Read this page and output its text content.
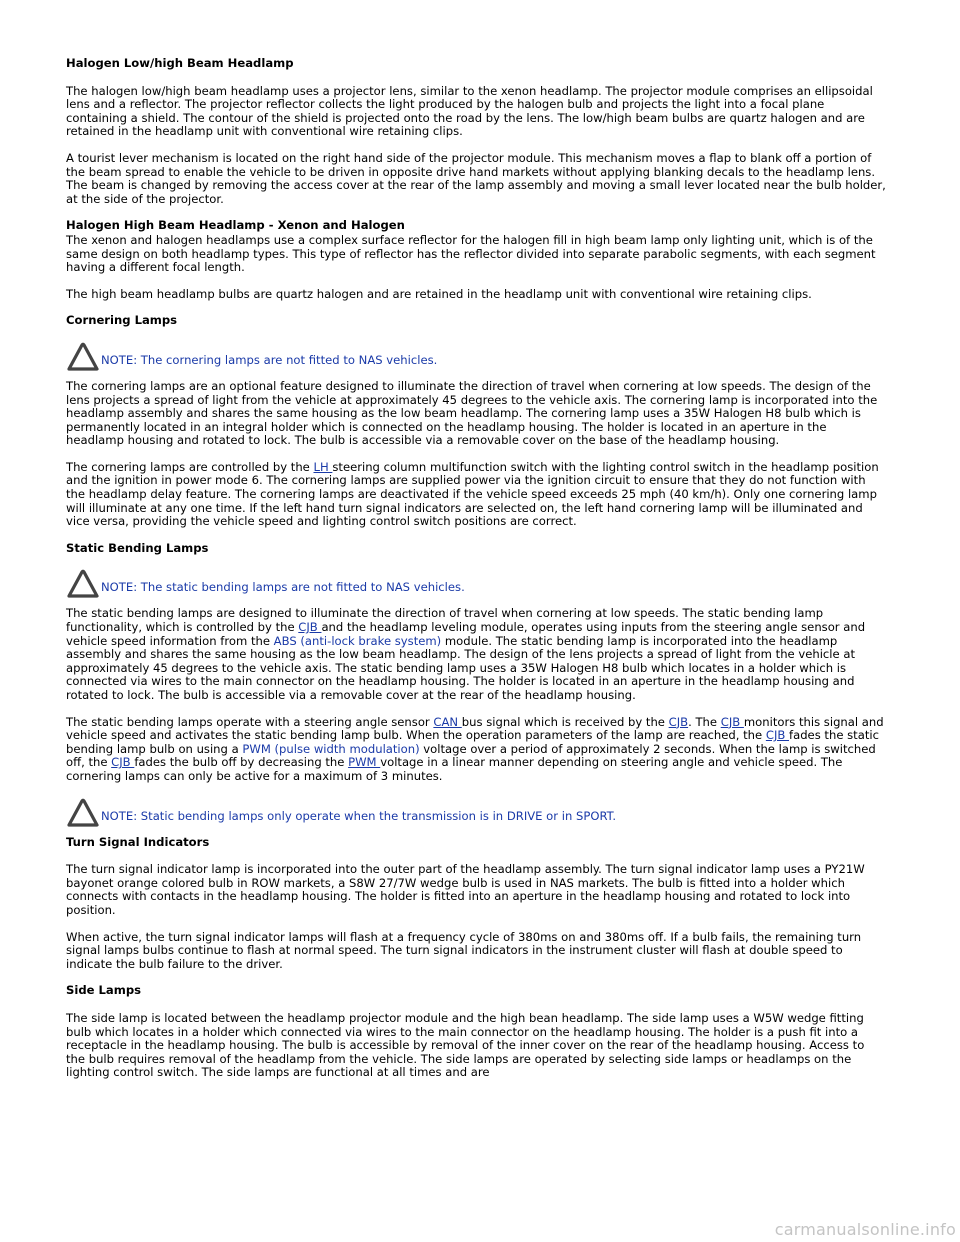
Halogen Low/high Beam Headlamp

The halogen low/high beam headlamp uses a projector lens, similar to the xenon headlamp. The projector module comprises an ellipsoidal lens and a reflector. The projector reflector collects the light produced by the halogen bulb and projects the light into a focal plane containing a shield. The contour of the shield is projected onto the road by the lens. The low/high beam bulbs are quartz halogen and are retained in the headlamp unit with conventional wire retaining clips.

A tourist lever mechanism is located on the right hand side of the projector module. This mechanism moves a flap to blank off a portion of the beam spread to enable the vehicle to be driven in opposite drive hand markets without applying blanking decals to the headlamp lens. The beam is changed by removing the access cover at the rear of the lamp assembly and moving a small lever located near the bulb holder, at the side of the projector.

Halogen High Beam Headlamp - Xenon and Halogen

The xenon and halogen headlamps use a complex surface reflector for the halogen fill in high beam lamp only lighting unit, which is of the same design on both headlamp types. This type of reflector has the reflector divided into separate parabolic segments, with each segment having a different focal length.

The high beam headlamp bulbs are quartz halogen and are retained in the headlamp unit with conventional wire retaining clips.

Cornering Lamps
NOTE: The cornering lamps are not fitted to NAS vehicles.

The cornering lamps are an optional feature designed to illuminate the direction of travel when cornering at low speeds. The design of the lens projects a spread of light from the vehicle at approximately 45 degrees to the vehicle axis. The cornering lamp is incorporated into the headlamp assembly and shares the same housing as the low beam headlamp. The cornering lamp uses a 35W Halogen H8 bulb which is permanently located in an integral holder which is connected on the headlamp housing. The holder is located in an aperture in the headlamp housing and rotated to lock. The bulb is accessible via a removable cover on the base of the headlamp housing.

The cornering lamps are controlled by the LH steering column multifunction switch with the lighting control switch in the headlamp position and the ignition in power mode 6. The cornering lamps are supplied power via the ignition circuit to ensure that they do not function with the headlamp delay feature. The cornering lamps are deactivated if the vehicle speed exceeds 25 mph (40 km/h). Only one cornering lamp will illuminate at any one time. If the left hand turn signal indicators are selected on, the left hand cornering lamp will be illuminated and vice versa, providing the vehicle speed and lighting control switch positions are correct.

Static Bending Lamps
NOTE: The static bending lamps are not fitted to NAS vehicles.

The static bending lamps are designed to illuminate the direction of travel when cornering at low speeds. The static bending lamp functionality, which is controlled by the CJB and the headlamp leveling module, operates using inputs from the steering angle sensor and vehicle speed information from the ABS (anti-lock brake system) module. The static bending lamp is incorporated into the headlamp assembly and shares the same housing as the low beam headlamp. The design of the lens projects a spread of light from the vehicle at approximately 45 degrees to the vehicle axis. The static bending lamp uses a 35W Halogen H8 bulb which locates in a holder which is connected via wires to the main connector on the headlamp housing. The holder is located in an aperture in the headlamp housing and rotated to lock. The bulb is accessible via a removable cover at the rear of the headlamp housing.

The static bending lamps operate with a steering angle sensor CAN bus signal which is received by the CJB. The CJB monitors this signal and vehicle speed and activates the static bending lamp bulb. When the operation parameters of the lamp are reached, the CJB fades the static bending lamp bulb on using a PWM (pulse width modulation) voltage over a period of approximately 2 seconds. When the lamp is switched off, the CJB fades the bulb off by decreasing the PWM voltage in a linear manner depending on steering angle and vehicle speed. The cornering lamps can only be active for a maximum of 3 minutes.

NOTE: Static bending lamps only operate when the transmission is in DRIVE or in SPORT.
Turn Signal Indicators

The turn signal indicator lamp is incorporated into the outer part of the headlamp assembly. The turn signal indicator lamp uses a PY21W bayonet orange colored bulb in ROW markets, a S8W 27/7W wedge bulb is used in NAS markets. The bulb is fitted into a holder which connects with contacts in the headlamp housing. The holder is fitted into an aperture in the headlamp housing and rotated to lock into position.

When active, the turn signal indicator lamps will flash at a frequency cycle of 380ms on and 380ms off. If a bulb fails, the remaining turn signal lamps bulbs continue to flash at normal speed. The turn signal indicators in the instrument cluster will flash at double speed to indicate the bulb failure to the driver.

Side Lamps

The side lamp is located between the headlamp projector module and the high bean headlamp. The side lamp uses a W5W wedge fitting bulb which locates in a holder which connected via wires to the main connector on the headlamp housing. The holder is a push fit into a receptacle in the headlamp housing. The bulb is accessible by removal of the inner cover on the rear of the headlamp housing. Access to the bulb requires removal of the headlamp from the vehicle. The side lamps are operated by selecting side lamps or headlamps on the lighting control switch. The side lamps are functional at all times and are

carmanualsonline.info
